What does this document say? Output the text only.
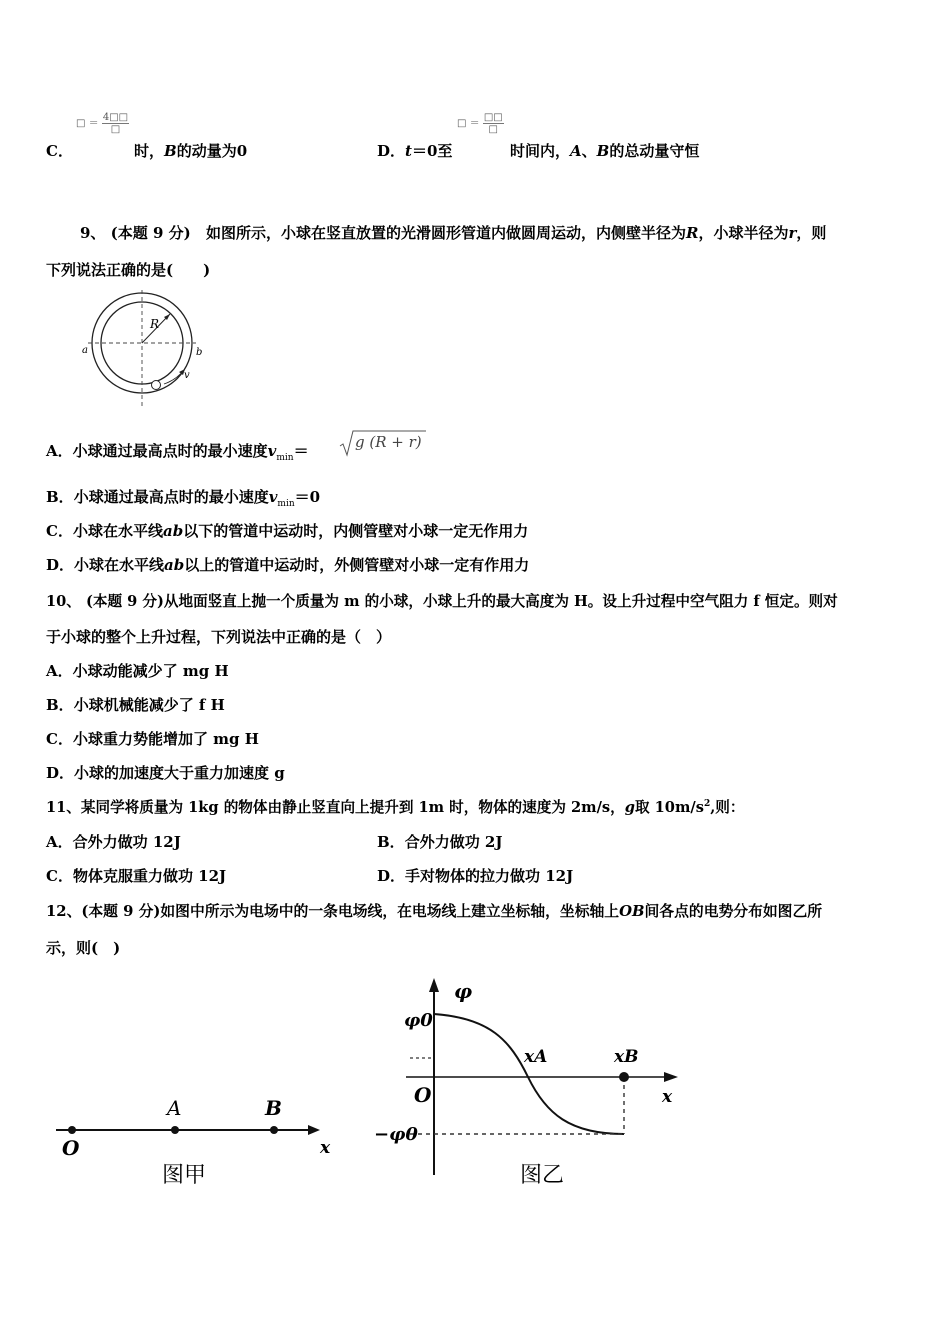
C．
□ ＝ $\frac{4□□}{□}$
时，B的动量为0	D．t＝0至
□ ＝ $\frac{□□}{□}$
时间内，A、B的总动量守恒
9、 (本题 9 分) 如图所示，小球在竖直放置的光滑圆形管道内做圆周运动，内侧壁半径为R，小球半径为r，则
下列说法正确的是(　　)
R
a	b
v
A．小球通过最高点时的最小速度$v_{min}=$	g (R + r)
B．小球通过最高点时的最小速度$v_{min}=0$
C．小球在水平线ab以下的管道中运动时，内侧管壁对小球一定无作用力
D．小球在水平线ab以上的管道中运动时，外侧管壁对小球一定有作用力
10、 (本题 9 分)从地面竖直上抛一个质量为 m 的小球，小球上升的最大高度为 H。设上升过程中空气阻力 f 恒定。则对
于小球的整个上升过程，下列说法中正确的是（　）
A．小球动能减少了 mg H
B．小球机械能减少了 f H
C．小球重力势能增加了 mg H
D．小球的加速度大于重力加速度 g
11、某同学将质量为 1kg 的物体由静止竖直向上提升到 1m 时，物体的速度为 2m/s，g取 $10m/s^2$,则：
A．合外力做功 12J	B．合外力做功 2J
C．物体克服重力做功 12J	D．手对物体的拉力做功 12J
12、(本题 9 分)如图中所示为电场中的一条电场线，在电场线上建立坐标轴，坐标轴上OB间各点的电势分布如图乙所
示，则(　)
O
A	B
x
图甲
φ
φ0
O	x
xA	xB
−φ0
图乙
